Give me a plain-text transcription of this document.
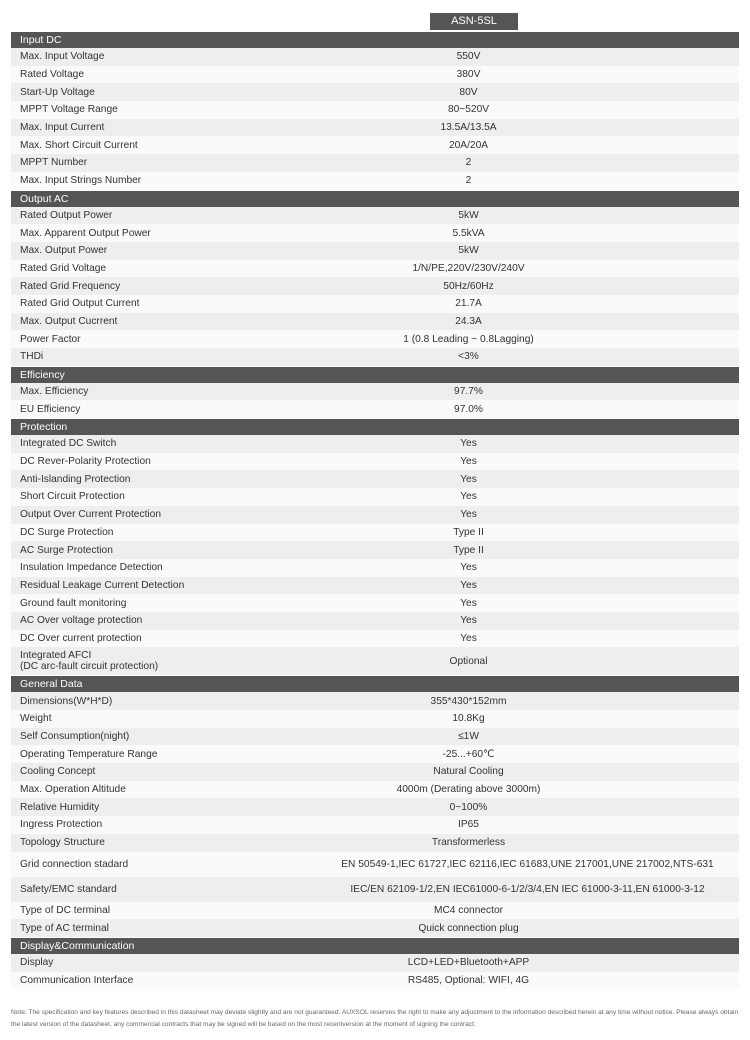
ASN-5SL
Input DC
Max. Input Voltage	550V
Rated Voltage	380V
Start-Up Voltage	80V
MPPT Voltage Range	80~520V
Max. Input Current	13.5A/13.5A
Max. Short Circuit Current	20A/20A
MPPT Number	2
Max. Input Strings Number	2
Output AC
Rated Output Power	5kW
Max. Apparent Output Power	5.5kVA
Max. Output Power	5kW
Rated Grid Voltage	1/N/PE,220V/230V/240V
Rated Grid Frequency	50Hz/60Hz
Rated Grid Output Current	21.7A
Max. Output Cucrrent	24.3A
Power Factor	1 (0.8 Leading ~ 0.8Lagging)
THDi	<3%
Efficiency
Max. Efficiency	97.7%
EU Efficiency	97.0%
Protection
Integrated DC Switch	Yes
DC Rever-Polarity Protection	Yes
Anti-Islanding Protection	Yes
Short Circuit Protection	Yes
Output Over Current Protection	Yes
DC Surge Protection	Type II
AC Surge Protection	Type II
Insulation Impedance Detection	Yes
Residual Leakage Current Detection	Yes
Ground fault monitoring	Yes
AC Over voltage protection	Yes
DC Over current protection	Yes
Integrated AFCI
(DC arc-fault circuit protection)	Optional
General Data
Dimensions(W*H*D)	355*430*152mm
Weight	10.8Kg
Self Consumption(night)	≤1W
Operating Temperature Range	-25...+60℃
Cooling Concept	Natural Cooling
Max. Operation Altitude	4000m (Derating above 3000m)
Relative Humidity	0~100%
Ingress Protection	IP65
Topology Structure	Transformerless
Grid connection stadard	EN 50549-1,IEC 61727,IEC 62116,IEC 61683,UNE 217001,UNE 217002,NTS-631
Safety/EMC standard	IEC/EN 62109-1/2,EN IEC61000-6-1/2/3/4,EN IEC 61000-3-11,EN 61000-3-12
Type of DC terminal	MC4 connector
Type of AC terminal	Quick connection plug
Display&Communication
Display	LCD+LED+Bluetooth+APP
Communication Interface	RS485, Optional: WIFI, 4G
Note: The specification and key features described in this datasheet may deviate slightly and are not guaranteed. AUXSOL reserves the right to make any adjustment to the information described herein at any time without notice. Please always obtain the latest version of the datasheet, any commercial contracts that may be signed will be based on the most recentversion at the moment of signing the contract.
